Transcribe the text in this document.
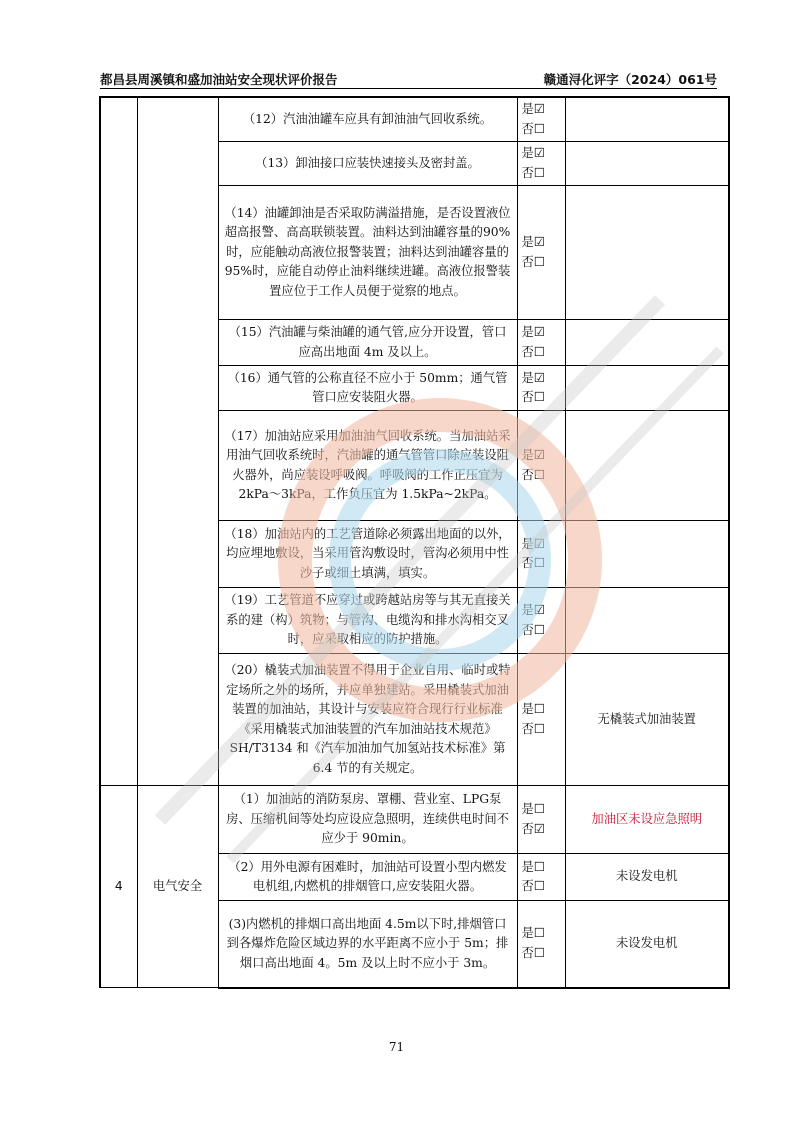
都昌县周溪镇和盛加油站安全现状评价报告	赣通浔化评字（2024）061号
		（12）汽油油罐车应具有卸油油气回收系统。	是☑
否☐	

		（13）卸油接口应装快速接头及密封盖。	是☑
否☐	

		（14）油罐卸油是否采取防满溢措施，是否设置液位超高报警、高高联锁装置。油料达到油罐容量的90%时，应能触动高液位报警装置；油料达到油罐容量的95%时，应能自动停止油料继续进罐。高液位报警装置应位于工作人员便于觉察的地点。	是☑
否☐	

		（15）汽油罐与柴油罐的通气管,应分开设置，管口应高出地面 4m 及以上。	是☑
否☐	

		（16）通气管的公称直径不应小于 50mm；通气管管口应安装阻火器。	是☑
否☐	

		（17）加油站应采用加油油气回收系统。当加油站采用油气回收系统时，汽油罐的通气管管口除应装设阻火器外，尚应装设呼吸阀。呼吸阀的工作正压宜为 2kPa～3kPa，工作负压宜为 1.5kPa~2kPa。	是☑
否☐	

		（18）加油站内的工艺管道除必须露出地面的以外，均应埋地敷设，当采用管沟敷设时，管沟必须用中性沙子或细土填满，填实。	是☑
否☐	

		（19）工艺管道不应穿过或跨越站房等与其无直接关系的建（构）筑物；与管沟、电缆沟和排水沟相交叉时，应采取相应的防护措施。	是☑
否☐	

		（20）橇装式加油装置不得用于企业自用、临时或特定场所之外的场所，并应单独建站。采用橇装式加油装置的加油站，其设计与安装应符合现行行业标准《采用橇装式加油装置的汽车加油站技术规范》SH/T3134 和《汽车加油加气加氢站技术标准》第 6.4 节的有关规定。	是☐
否☐	无橇装式加油装置
4	电气安全	（1）加油站的消防泵房、罩棚、营业室、LPG泵房、压缩机间等处均应设应急照明，连续供电时间不应少于 90min。	是☐
否☑	加油区未设应急照明
		（2）用外电源有困难时，加油站可设置小型内燃发电机组,内燃机的排烟管口,应安装阻火器。	是☐
否☐	未设发电机
		(3)内燃机的排烟口高出地面 4.5m以下时,排烟管口到各爆炸危险区域边界的水平距离不应小于 5m；排烟口高出地面 4。5m 及以上时不应小于 3m。	是☐
否☐	未设发电机
71
